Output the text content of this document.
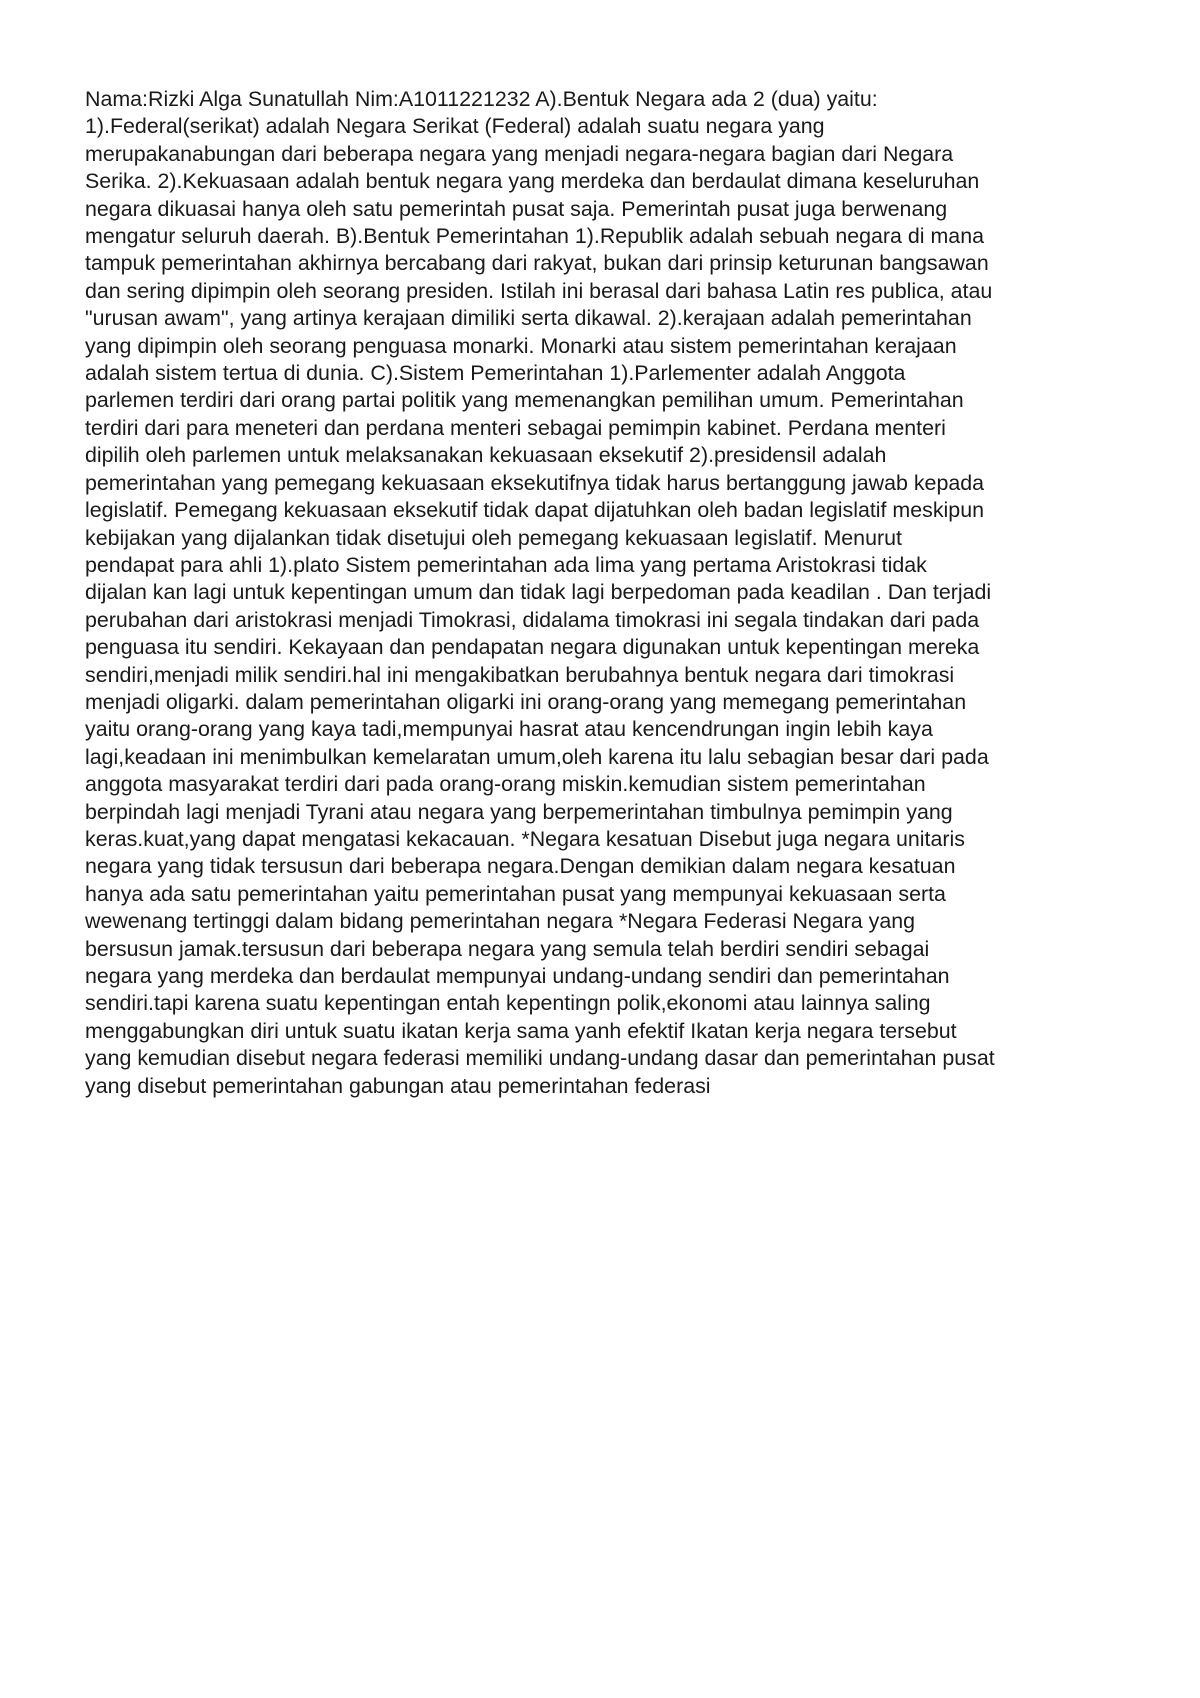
Nama:Rizki Alga Sunatullah Nim:A1011221232 A).Bentuk Negara ada 2 (dua) yaitu:
1).Federal(serikat) adalah Negara Serikat (Federal) adalah suatu negara yang
merupakanabungan dari beberapa negara yang menjadi negara-negara bagian dari Negara
Serika. 2).Kekuasaan adalah bentuk negara yang merdeka dan berdaulat dimana keseluruhan
negara dikuasai hanya oleh satu pemerintah pusat saja. Pemerintah pusat juga berwenang
mengatur seluruh daerah. B).Bentuk Pemerintahan 1).Republik adalah sebuah negara di mana
tampuk pemerintahan akhirnya bercabang dari rakyat, bukan dari prinsip keturunan bangsawan
dan sering dipimpin oleh seorang presiden. Istilah ini berasal dari bahasa Latin res publica, atau
"urusan awam", yang artinya kerajaan dimiliki serta dikawal. 2).kerajaan adalah pemerintahan
yang dipimpin oleh seorang penguasa monarki. Monarki atau sistem pemerintahan kerajaan
adalah sistem tertua di dunia. C).Sistem Pemerintahan 1).Parlementer adalah Anggota
parlemen terdiri dari orang partai politik yang memenangkan pemilihan umum. Pemerintahan
terdiri dari para meneteri dan perdana menteri sebagai pemimpin kabinet. Perdana menteri
dipilih oleh parlemen untuk melaksanakan kekuasaan eksekutif 2).presidensil adalah
pemerintahan yang pemegang kekuasaan eksekutifnya tidak harus bertanggung jawab kepada
legislatif. Pemegang kekuasaan eksekutif tidak dapat dijatuhkan oleh badan legislatif meskipun
kebijakan yang dijalankan tidak disetujui oleh pemegang kekuasaan legislatif. Menurut
pendapat para ahli 1).plato Sistem pemerintahan ada lima yang pertama Aristokrasi tidak
dijalan kan lagi untuk kepentingan umum dan tidak lagi berpedoman pada keadilan . Dan terjadi
perubahan dari aristokrasi menjadi Timokrasi, didalama timokrasi ini segala tindakan dari pada
penguasa itu sendiri. Kekayaan dan pendapatan negara digunakan untuk kepentingan mereka
sendiri,menjadi milik sendiri.hal ini mengakibatkan berubahnya bentuk negara dari timokrasi
menjadi oligarki. dalam pemerintahan oligarki ini orang-orang yang memegang pemerintahan
yaitu orang-orang yang kaya tadi,mempunyai hasrat atau kencendrungan ingin lebih kaya
lagi,keadaan ini menimbulkan kemelaratan umum,oleh karena itu lalu sebagian besar dari pada
anggota masyarakat terdiri dari pada orang-orang miskin.kemudian sistem pemerintahan
berpindah lagi menjadi Tyrani atau negara yang berpemerintahan timbulnya pemimpin yang
keras.kuat,yang dapat mengatasi kekacauan. *Negara kesatuan Disebut juga negara unitaris
negara yang tidak tersusun dari beberapa negara.Dengan demikian dalam negara kesatuan
hanya ada satu pemerintahan yaitu pemerintahan pusat yang mempunyai kekuasaan serta
wewenang tertinggi dalam bidang pemerintahan negara *Negara Federasi Negara yang
bersusun jamak.tersusun dari beberapa negara yang semula telah berdiri sendiri sebagai
negara yang merdeka dan berdaulat mempunyai undang-undang sendiri dan pemerintahan
sendiri.tapi karena suatu kepentingan entah kepentingn polik,ekonomi atau lainnya saling
menggabungkan diri untuk suatu ikatan kerja sama yanh efektif Ikatan kerja negara tersebut
yang kemudian disebut negara federasi memiliki undang-undang dasar dan pemerintahan pusat
yang disebut pemerintahan gabungan atau pemerintahan federasi
